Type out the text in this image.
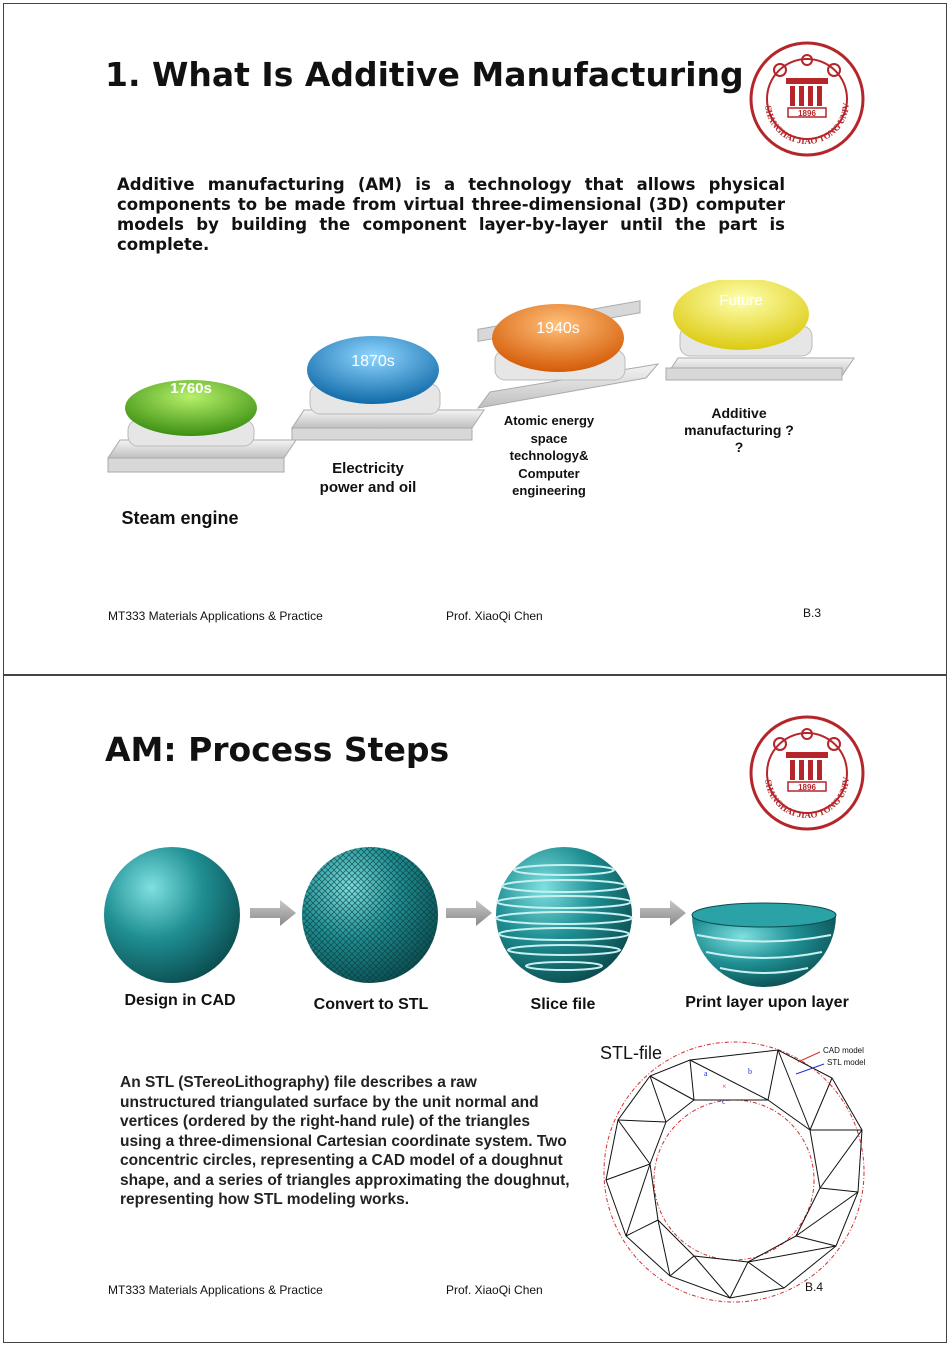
1. What Is Additive Manufacturing
SHANGHAI JIAO TONG UNIV
1896

Additive manufacturing (AM) is a technology that allows physical components to be made from virtual three-dimensional (3D) computer models by building the component layer-by-layer until the part is complete.

1760s
1870s
1940s
Future
Steam engine
Electricity power and oil
Atomic energy space technology& Computer engineering
Additive manufacturing ? ?
MT333 Materials Applications & Practice	Prof. XiaoQi Chen	B.3
AM: Process Steps
SHANGHAI JIAO TONG UNIV
1896
Design in CAD	Convert to STL	Slice file	Print layer upon layer
STL-file	CAD model
STL model
a	b
c
×

An STL (STereoLithography) file describes a raw unstructured triangulated surface by the unit normal and vertices (ordered by the right-hand rule) of the triangles using a three-dimensional Cartesian coordinate system. Two concentric circles, representing a CAD model of a doughnut shape, and a series of triangles approximating the doughnut, representing how STL modeling works.

MT333 Materials Applications & Practice	Prof. XiaoQi Chen	B.4
